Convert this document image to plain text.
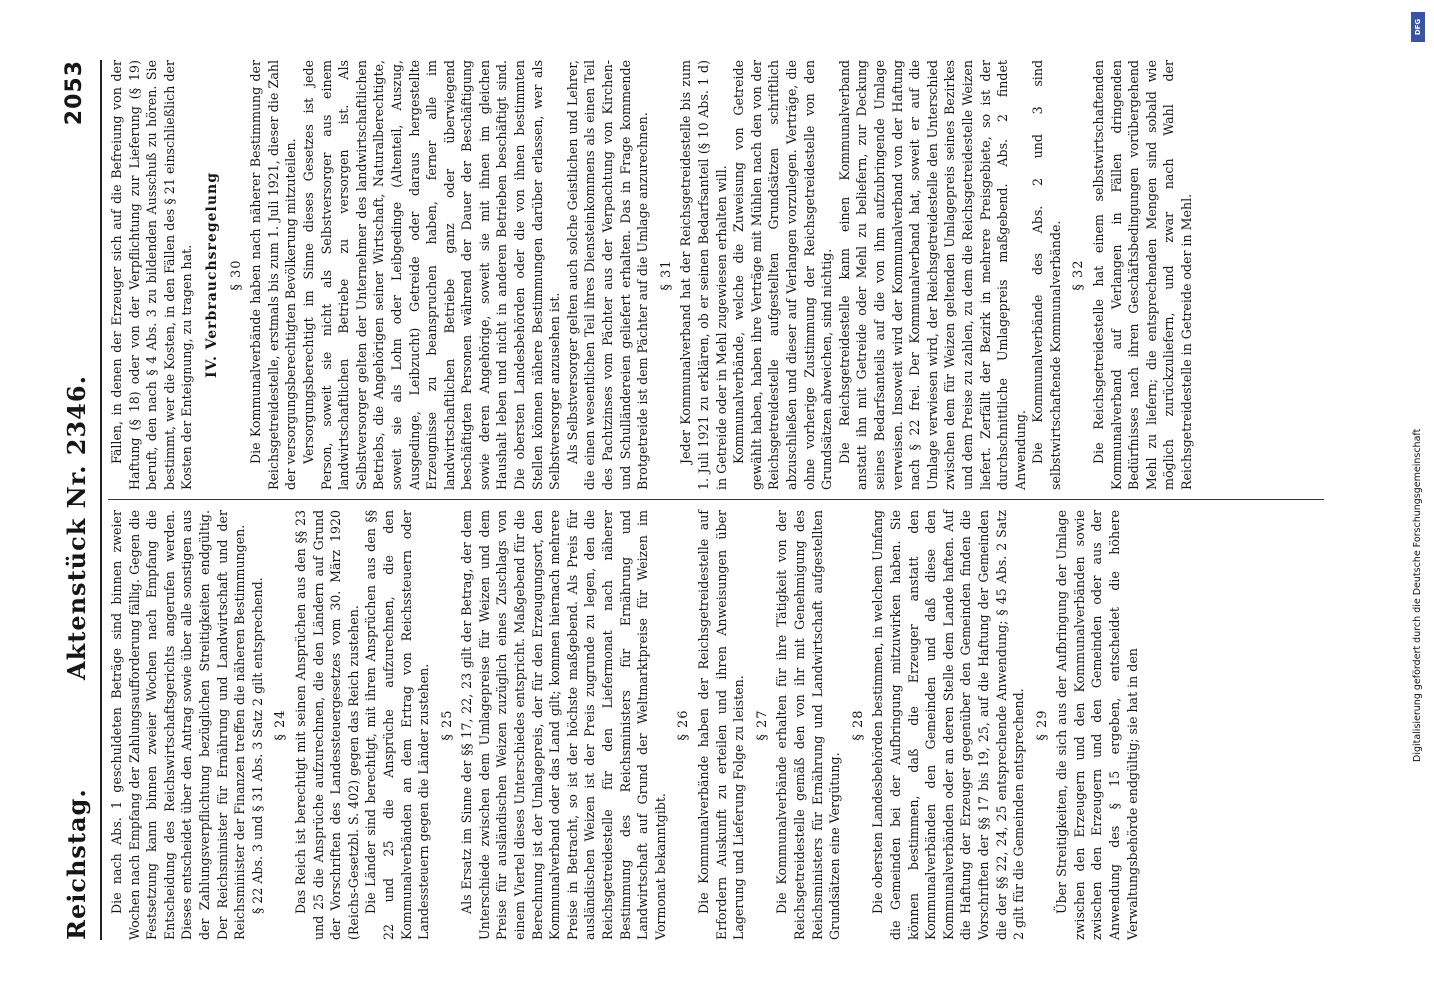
Reichstag.
Aktenstück Nr. 2346.
2053

Die nach Abs. 1 geschuldeten Beträge sind binnen zweier Wochen nach Empfang der Zahlungsaufforderung fällig. Gegen die Festsetzung kann binnen zweier Wochen nach Empfang die Entscheidung des Reichswirtschaftsgerichts angerufen werden. Dieses entscheidet über den Antrag sowie über alle sonstigen aus der Zahlungsverpflichtung bezüglichen Streitigkeiten endgültig. Der Reichsminister für Ernährung und Landwirtschaft und der Reichsminister der Finanzen treffen die näheren Bestimmungen. § 22 Abs. 3 und § 31 Abs. 3 Satz 2 gilt entsprechend. § 24 Das Reich ist berechtigt mit seinen Ansprüchen aus den §§ 23 und 25 die Ansprüche aufzurechnen, die den Ländern auf Grund der Vorschriften des Landessteuergesetzes vom 30. März 1920 (Reichs-Gesetzbl. S. 402) gegen das Reich zustehen. Die Länder sind berechtigt, mit ihren Ansprüchen aus den §§ 22 und 25 die Ansprüche aufzurechnen, die den Kommunalverbänden an dem Ertrag von Reichssteuern oder Landessteuern gegen die Länder zustehen. § 25 Als Ersatz im Sinne der §§ 17, 22, 23 gilt der Betrag, der dem Unterschiede zwischen dem Umlagepreise für Weizen und dem Preise für ausländischen Weizen zuzüglich eines Zuschlags von einem Viertel dieses Unterschiedes entspricht. Maßgebend für die Berechnung ist der Umlagepreis, der für den Erzeugungsort, den Kommunalverband oder das Land gilt; kommen hiernach mehrere Preise in Betracht, so ist der höchste maßgebend. Als Preis für ausländischen Weizen ist der Preis zugrunde zu legen, den die Reichsgetreidestelle für den Liefermonat nach näherer Bestimmung des Reichsministers für Ernährung und Landwirtschaft auf Grund der Weltmarktpreise für Weizen im Vormonat bekanntgibt.

§ 26 Die Kommunalverbände haben der Reichsgetreidestelle auf Erfordern Auskunft zu erteilen und ihren Anweisungen über Lagerung und Lieferung Folge zu leisten. § 27 Die Kommunalverbände erhalten für ihre Tätigkeit von der Reichsgetreidestelle gemäß den von ihr mit Genehmigung des Reichsministers für Ernährung und Landwirtschaft aufgestellten Grundsätzen eine Vergütung.

§ 28 Die obersten Landesbehörden bestimmen, in welchem Umfang die Gemeinden bei der Aufbringung mitzuwirken haben. Sie können bestimmen, daß die Erzeuger anstatt den Kommunalverbänden den Gemeinden und daß diese den Kommunalverbänden oder an deren Stelle dem Lande haften. Auf die Haftung der Erzeuger gegenüber den Gemeinden finden die Vorschriften der §§ 17 bis 19, 25, auf die Haftung der Gemeinden die der §§ 22, 24, 25 entsprechende Anwendung; § 45 Abs. 2 Satz 2 gilt für die Gemeinden entsprechend. § 29 Über Streitigkeiten, die sich aus der Aufbringung der Umlage zwischen den Erzeugern und den Kommunalverbänden sowie zwischen den Erzeugern und den Gemeinden oder aus der Anwendung des § 15 ergeben, entscheidet die höhere Verwaltungsbehörde endgültig; sie hat in den

Fällen, in denen der Erzeuger sich auf die Befreiung von der Haftung (§ 18) oder von der Verpflichtung zur Lieferung (§ 19) beruft, den nach § 4 Abs. 3 zu bildenden Ausschuß zu hören. Sie bestimmt, wer die Kosten, in den Fällen des § 21 einschließlich der Kosten der Enteignung, zu tragen hat. IV. Verbrauchsregelung § 30 Die Kommunalverbände haben nach näherer Bestimmung der Reichsgetreidestelle, erstmals bis zum 1. Juli 1921, dieser die Zahl der versorgungsberechtigten Bevölkerung mitzuteilen. Versorgungsberechtigt im Sinne dieses Gesetzes ist jede Person, soweit sie nicht als Selbstversorger aus einem landwirtschaftlichen Betriebe zu versorgen ist. Als Selbstversorger gelten der Unternehmer des landwirtschaftlichen Betriebs, die Angehörigen seiner Wirtschaft, Naturalberechtigte, soweit sie als Lohn oder Leibgedinge (Altenteil, Auszug, Ausgedinge, Leibzucht) Getreide oder daraus hergestellte Erzeugnisse zu beanspruchen haben, ferner alle im landwirtschaftlichen Betriebe ganz oder überwiegend beschäftigten Personen während der Dauer der Beschäftigung sowie deren Angehörige, soweit sie mit ihnen im gleichen Haushalt leben und nicht in anderen Betrieben beschäftigt sind. Die obersten Landesbehörden oder die von ihnen bestimmten Stellen können nähere Bestimmungen darüber erlassen, wer als Selbstversorger anzusehen ist. Als Selbstversorger gelten auch solche Geistlichen und Lehrer, die einen wesentlichen Teil ihres Diensteinkommens als einen Teil des Pachtzinses vom Pächter aus der Verpachtung von Kirchen- und Schulländereien geliefert erhalten. Das in Frage kommende Brotgetreide ist dem Pächter auf die Umlage anzurechnen. § 31 Jeder Kommunalverband hat der Reichsgetreidestelle bis zum 1. Juli 1921 zu erklären, ob er seinen Bedarfsanteil (§ 10 Abs. 1 d) in Getreide oder in Mehl zugewiesen erhalten will. Kommunalverbände, welche die Zuweisung von Getreide gewählt haben, haben ihre Verträge mit Mühlen nach den von der Reichsgetreidestelle aufgestellten Grundsätzen schriftlich abzuschließen und dieser auf Verlangen vorzulegen. Verträge, die ohne vorherige Zustimmung der Reichsgetreidestelle von den Grundsätzen abweichen, sind nichtig. Die Reichsgetreidestelle kann einen Kommunalverband anstatt ihn mit Getreide oder Mehl zu beliefern, zur Deckung seines Bedarfsanteils auf die von ihm aufzubringende Umlage verweisen. Insoweit wird der Kommunalverband von der Haftung nach § 22 frei. Der Kommunalverband hat, soweit er auf die Umlage verwiesen wird, der Reichsgetreidestelle den Unterschied zwischen dem für Weizen geltenden Umlagepreis seines Bezirkes und dem Preise zu zahlen, zu dem die Reichsgetreidestelle Weizen liefert. Zerfällt der Bezirk in mehrere Preisgebiete, so ist der durchschnittliche Umlagepreis maßgebend. Abs. 2 findet Anwendung. Die Kommunalverbände des Abs. 2 und 3 sind selbstwirtschaftende Kommunalverbände. § 32 Die Reichsgetreidestelle hat einem selbstwirtschaftenden Kommunalverband auf Verlangen in Fällen dringenden Bedürfnisses nach ihren Geschäftsbedingungen vorübergehend Mehl zu liefern; die entsprechenden Mengen sind sobald wie möglich zurückzuliefern, und zwar nach Wahl der Reichsgetreidestelle in Getreide oder in Mehl.

DFG
Digitalisierung gefördert durch die Deutsche Forschungsgemeinschaft
